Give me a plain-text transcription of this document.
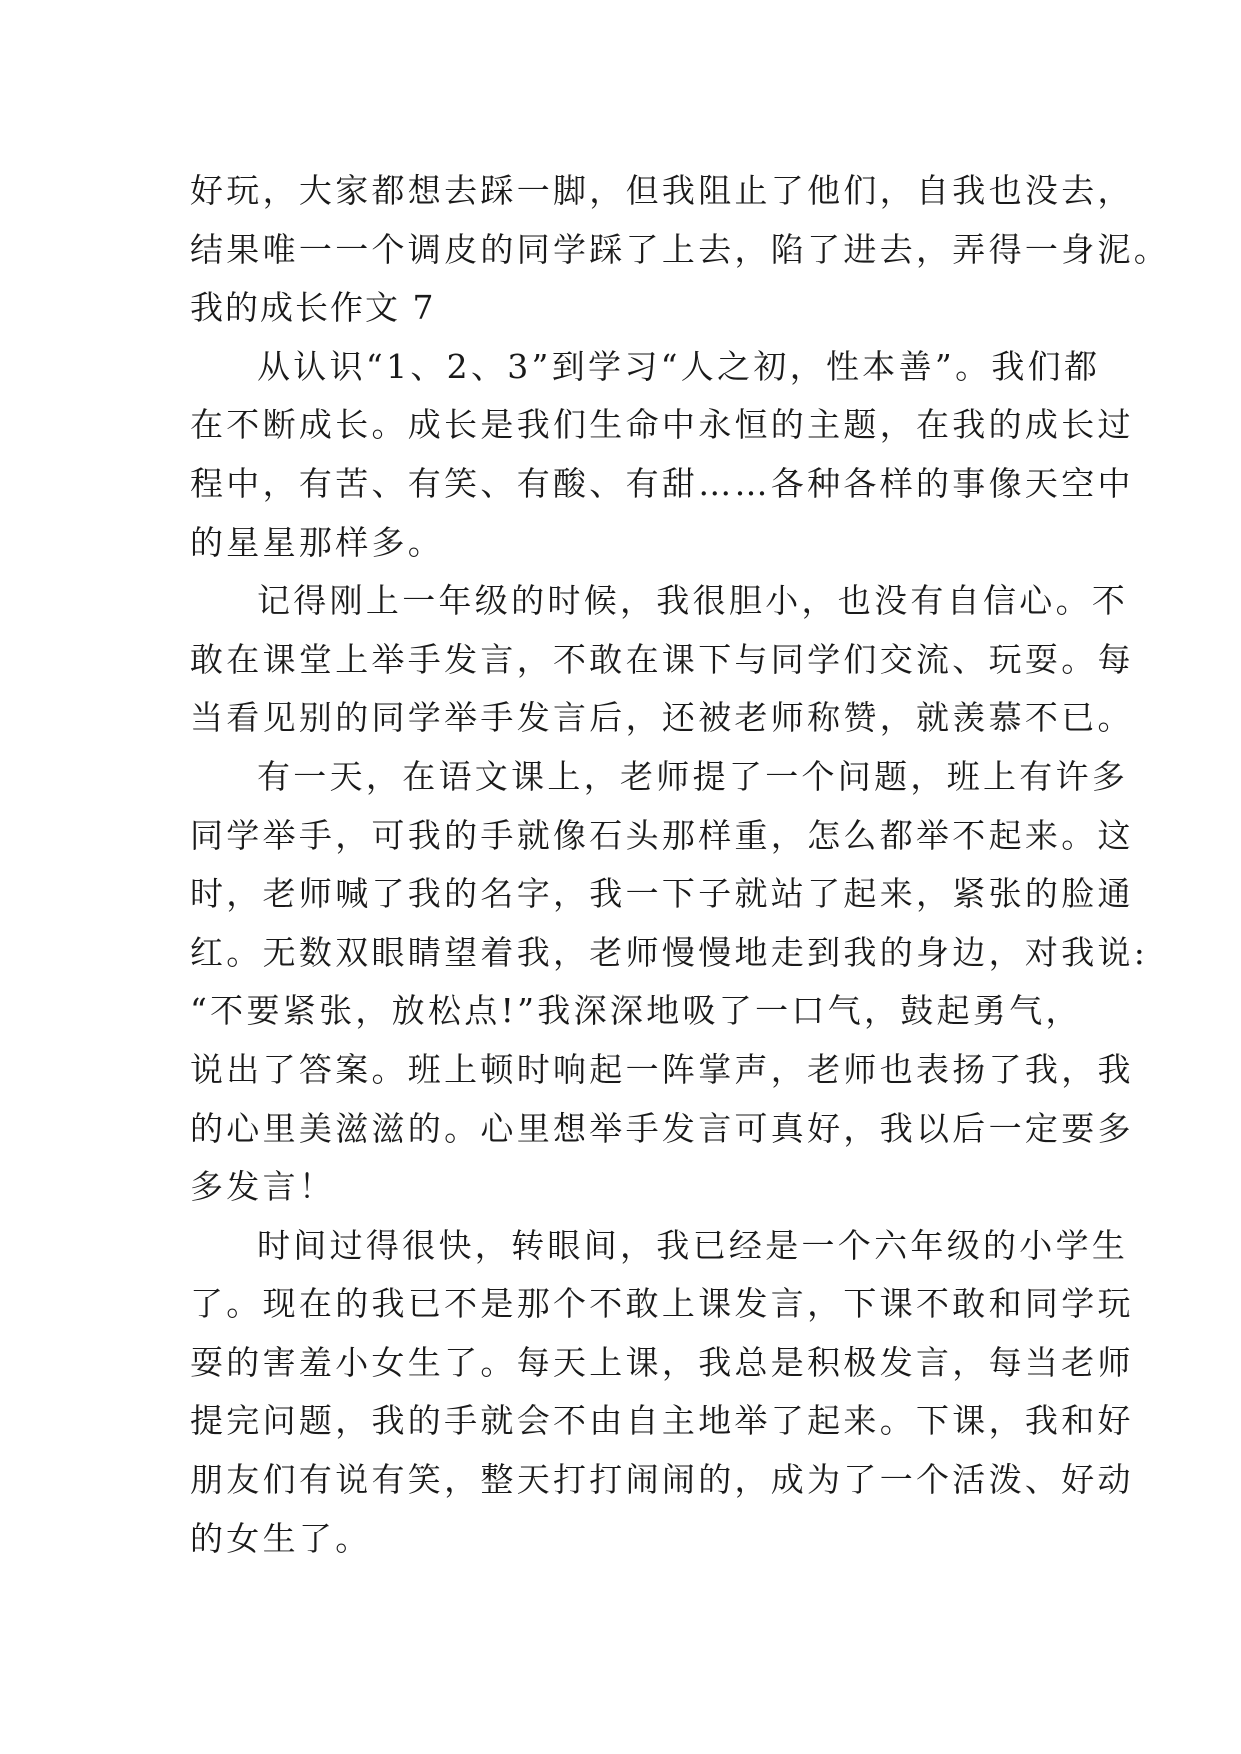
好玩，大家都想去踩一脚，但我阻止了他们，自我也没去，
结果唯一一个调皮的同学踩了上去，陷了进去，弄得一身泥。
我的成长作文 7
从认识“1、2、3”到学习“人之初，性本善”。我们都
在不断成长。成长是我们生命中永恒的主题，在我的成长过
程中，有苦、有笑、有酸、有甜……各种各样的事像天空中
的星星那样多。
记得刚上一年级的时候，我很胆小，也没有自信心。不
敢在课堂上举手发言，不敢在课下与同学们交流、玩耍。每
当看见别的同学举手发言后，还被老师称赞，就羡慕不已。
有一天，在语文课上，老师提了一个问题，班上有许多
同学举手，可我的手就像石头那样重，怎么都举不起来。这
时，老师喊了我的名字，我一下子就站了起来，紧张的脸通
红。无数双眼睛望着我，老师慢慢地走到我的身边，对我说:
“不要紧张，放松点!”我深深地吸了一口气，鼓起勇气，
说出了答案。班上顿时响起一阵掌声，老师也表扬了我，我
的心里美滋滋的。心里想举手发言可真好，我以后一定要多
多发言！
时间过得很快，转眼间，我已经是一个六年级的小学生
了。现在的我已不是那个不敢上课发言，下课不敢和同学玩
耍的害羞小女生了。每天上课，我总是积极发言，每当老师
提完问题，我的手就会不由自主地举了起来。下课，我和好
朋友们有说有笑，整天打打闹闹的，成为了一个活泼、好动
的女生了。
